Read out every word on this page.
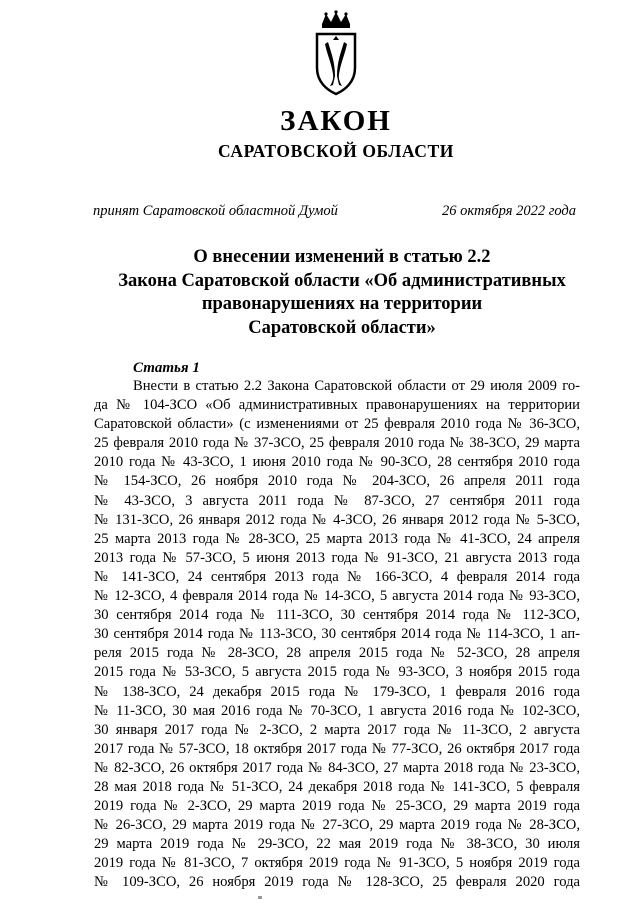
ЗАКОН
САРАТОВСКОЙ ОБЛАСТИ
принят Саратовской областной Думой	26 октября 2022 года
О внесении изменений в статью 2.2
Закона Саратовской области «Об административных
правонарушениях на территории
Саратовской области»
Статья 1
Внести в статью 2.2 Закона Саратовской области от 29 июля 2009 го-
да № 104-ЗСО «Об административных правонарушениях на территории
Саратовской области» (с изменениями от 25 февраля 2010 года № 36-ЗСО,
25 февраля 2010 года № 37-ЗСО, 25 февраля 2010 года № 38-ЗСО, 29 марта
2010 года № 43-ЗСО, 1 июня 2010 года № 90-ЗСО, 28 сентября 2010 года
№ 154-ЗСО, 26 ноября 2010 года № 204-ЗСО, 26 апреля 2011 года
№ 43-ЗСО, 3 августа 2011 года № 87-ЗСО, 27 сентября 2011 года
№ 131-ЗСО, 26 января 2012 года № 4-ЗСО, 26 января 2012 года № 5-ЗСО,
25 марта 2013 года № 28-ЗСО, 25 марта 2013 года № 41-ЗСО, 24 апреля
2013 года № 57-ЗСО, 5 июня 2013 года № 91-ЗСО, 21 августа 2013 года
№ 141-ЗСО, 24 сентября 2013 года № 166-ЗСО, 4 февраля 2014 года
№ 12-ЗСО, 4 февраля 2014 года № 14-ЗСО, 5 августа 2014 года № 93-ЗСО,
30 сентября 2014 года № 111-ЗСО, 30 сентября 2014 года № 112-ЗСО,
30 сентября 2014 года № 113-ЗСО, 30 сентября 2014 года № 114-ЗСО, 1 ап-
реля 2015 года № 28-ЗСО, 28 апреля 2015 года № 52-ЗСО, 28 апреля
2015 года № 53-ЗСО, 5 августа 2015 года № 93-ЗСО, 3 ноября 2015 года
№ 138-ЗСО, 24 декабря 2015 года № 179-ЗСО, 1 февраля 2016 года
№ 11-ЗСО, 30 мая 2016 года № 70-ЗСО, 1 августа 2016 года № 102-ЗСО,
30 января 2017 года № 2-ЗСО, 2 марта 2017 года № 11-ЗСО, 2 августа
2017 года № 57-ЗСО, 18 октября 2017 года № 77-ЗСО, 26 октября 2017 года
№ 82-ЗСО, 26 октября 2017 года № 84-ЗСО, 27 марта 2018 года № 23-ЗСО,
28 мая 2018 года № 51-ЗСО, 24 декабря 2018 года № 141-ЗСО, 5 февраля
2019 года № 2-ЗСО, 29 марта 2019 года № 25-ЗСО, 29 марта 2019 года
№ 26-ЗСО, 29 марта 2019 года № 27-ЗСО, 29 марта 2019 года № 28-ЗСО,
29 марта 2019 года № 29-ЗСО, 22 мая 2019 года № 38-ЗСО, 30 июля
2019 года № 81-ЗСО, 7 октября 2019 года № 91-ЗСО, 5 ноября 2019 года
№ 109-ЗСО, 26 ноября 2019 года № 128-ЗСО, 25 февраля 2020 года
